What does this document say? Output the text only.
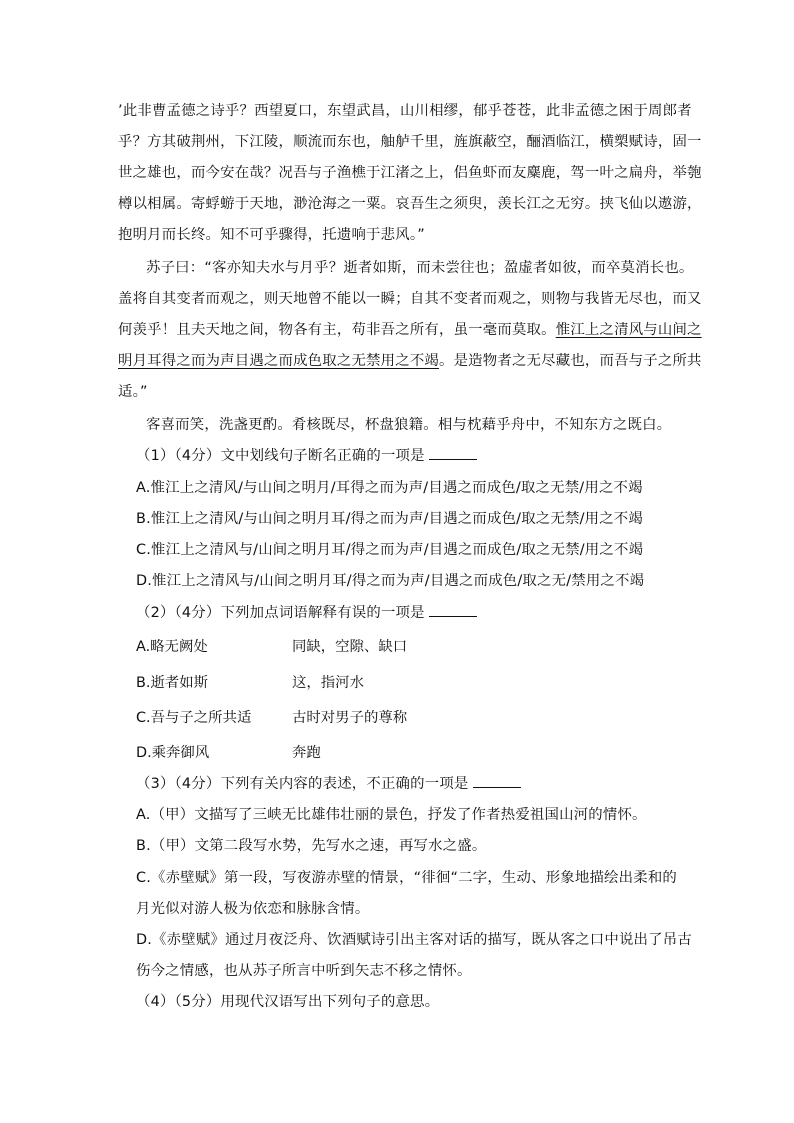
’此非曹孟德之诗乎？西望夏口，东望武昌，山川相缪，郁乎苍苍，此非孟德之困于周郎者
乎？方其破荆州，下江陵，顺流而东也，舳舻千里，旌旗蔽空，酾酒临江，横槊赋诗，固一
世之雄也，而今安在哉？况吾与子渔樵于江渚之上，侣鱼虾而友麋鹿，驾一叶之扁舟，举匏
樽以相属。寄蜉蝣于天地，渺沧海之一粟。哀吾生之须臾，羡长江之无穷。挟飞仙以遨游，
抱明月而长终。知不可乎骤得，托遗响于悲风。”
苏子曰：“客亦知夫水与月乎？逝者如斯，而未尝往也；盈虚者如彼，而卒莫消长也。
盖将自其变者而观之，则天地曾不能以一瞬；自其不变者而观之，则物与我皆无尽也，而又
何羡乎！且夫天地之间，物各有主，苟非吾之所有，虽一毫而莫取。惟江上之清风与山间之
明月耳得之而为声目遇之而成色取之无禁用之不竭。是造物者之无尽藏也，而吾与子之所共
适。”
客喜而笑，洗盏更酌。肴核既尽，杯盘狼籍。相与枕藉乎舟中，不知东方之既白。
（1）（4分）文中划线句子断名正确的一项是
A.惟江上之清风/与山间之明月/耳得之而为声/目遇之而成色/取之无禁/用之不竭
B.惟江上之清风/与山间之明月耳/得之而为声/目遇之而成色/取之无禁/用之不竭
C.惟江上之清风与/山间之明月耳/得之而为声/目遇之而成色/取之无禁/用之不竭
D.惟江上之清风与/山间之明月耳/得之而为声/目遇之而成色/取之无/禁用之不竭
（2）（4分）下列加点词语解释有误的一项是
A.略无阙处	同缺，空隙、缺口
B.逝者如斯	这，指河水
C.吾与子之所共适	古时对男子的尊称
D.乘奔御风	奔跑
（3）（4分）下列有关内容的表述，不正确的一项是
A.（甲）文描写了三峡无比雄伟壮丽的景色，抒发了作者热爱祖国山河的情怀。
B.（甲）文第二段写水势，先写水之速，再写水之盛。
C.《赤壁赋》第一段，写夜游赤壁的情景，“徘徊“二字，生动、形象地描绘出柔和的
月光似对游人极为依恋和脉脉含情。
D.《赤壁赋》通过月夜泛舟、饮酒赋诗引出主客对话的描写，既从客之口中说出了吊古
伤今之情感，也从苏子所言中听到矢志不移之情怀。
（4）（5分）用现代汉语写出下列句子的意思。
